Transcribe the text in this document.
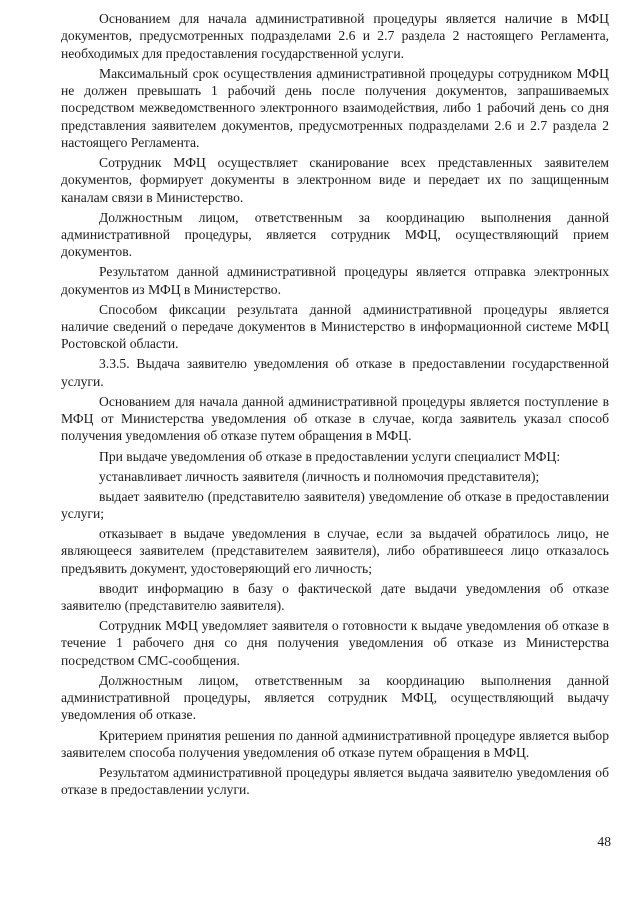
Основанием для начала административной процедуры является наличие в МФЦ документов, предусмотренных подразделами 2.6 и 2.7 раздела 2 настоящего Регламента, необходимых для предоставления государственной услуги.

Максимальный срок осуществления административной процедуры сотрудником МФЦ не должен превышать 1 рабочий день после получения документов, запрашиваемых посредством межведомственного электронного взаимодействия, либо 1 рабочий день со дня представления заявителем документов, предусмотренных подразделами 2.6 и 2.7 раздела 2 настоящего Регламента.

Сотрудник МФЦ осуществляет сканирование всех представленных заявителем документов, формирует документы в электронном виде и передает их по защищенным каналам связи в Министерство.

Должностным лицом, ответственным за координацию выполнения данной административной процедуры, является сотрудник МФЦ, осуществляющий прием документов.

Результатом данной административной процедуры является отправка электронных документов из МФЦ в Министерство.

Способом фиксации результата данной административной процедуры является наличие сведений о передаче документов в Министерство в информационной системе МФЦ Ростовской области.

3.3.5. Выдача заявителю уведомления об отказе в предоставлении государственной услуги.

Основанием для начала данной административной процедуры является поступление в МФЦ от Министерства уведомления об отказе в случае, когда заявитель указал способ получения уведомления об отказе путем обращения в МФЦ.

При выдаче уведомления об отказе в предоставлении услуги специалист МФЦ:

устанавливает личность заявителя (личность и полномочия представителя);

выдает заявителю (представителю заявителя) уведомление об отказе в предоставлении услуги;

отказывает в выдаче уведомления в случае, если за выдачей обратилось лицо, не являющееся заявителем (представителем заявителя), либо обратившееся лицо отказалось предъявить документ, удостоверяющий его личность;

вводит информацию в базу о фактической дате выдачи уведомления об отказе заявителю (представителю заявителя).

Сотрудник МФЦ уведомляет заявителя о готовности к выдаче уведомления об отказе в течение 1 рабочего дня со дня получения уведомления об отказе из Министерства посредством СМС-сообщения.

Должностным лицом, ответственным за координацию выполнения данной административной процедуры, является сотрудник МФЦ, осуществляющий выдачу уведомления об отказе.

Критерием принятия решения по данной административной процедуре является выбор заявителем способа получения уведомления об отказе путем обращения в МФЦ.

Результатом административной процедуры является выдача заявителю уведомления об отказе в предоставлении услуги.

48
